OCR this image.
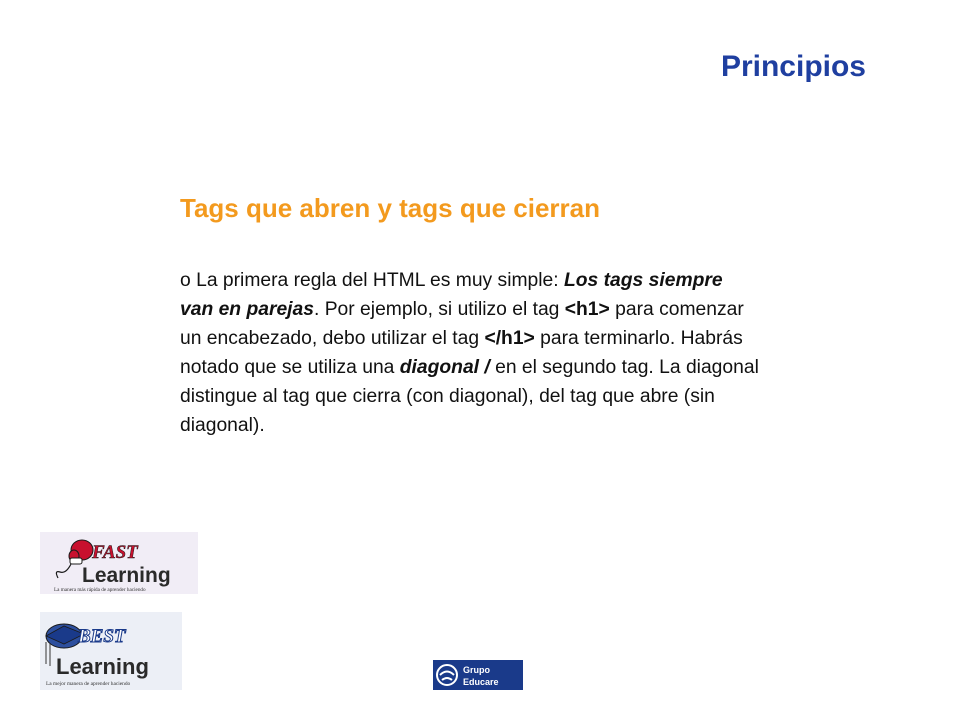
Principios
Tags que abren y tags que cierran
o La primera regla del HTML es muy simple: Los tags siempre van en parejas. Por ejemplo, si utilizo el tag <h1> para comenzar un encabezado, debo utilizar el tag </h1> para terminarlo. Habrás notado que se utiliza una diagonal / en el segundo tag. La diagonal distingue al tag que cierra (con diagonal), del tag que abre (sin diagonal).
FAST
Learning
La manera más rápida de aprender haciendo
BEST
Learning
La mejor manera de aprender haciendo
Grupo
Educare
